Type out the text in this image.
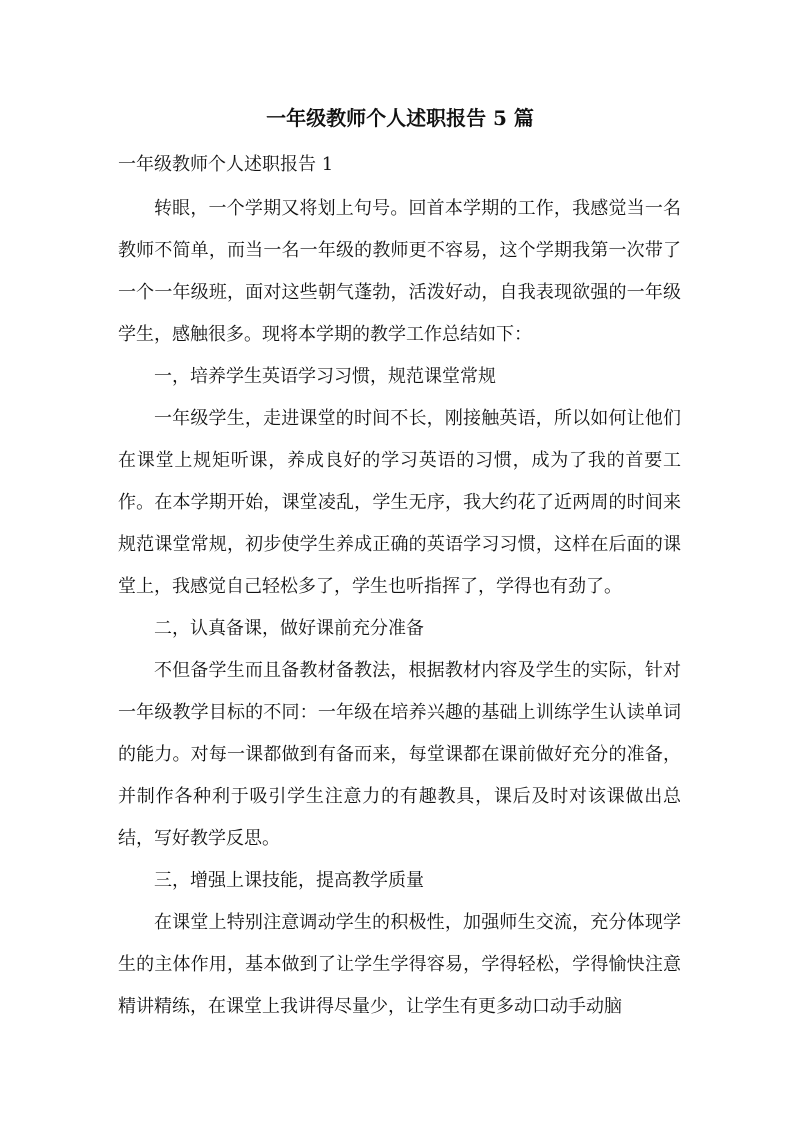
一年级教师个人述职报告 5 篇
一年级教师个人述职报告 1

转眼，一个学期又将划上句号。回首本学期的工作，我感觉当一名教师不简单，而当一名一年级的教师更不容易，这个学期我第一次带了一个一年级班，面对这些朝气蓬勃，活泼好动，自我表现欲强的一年级学生，感触很多。现将本学期的教学工作总结如下：

一，培养学生英语学习习惯，规范课堂常规

一年级学生，走进课堂的时间不长，刚接触英语，所以如何让他们在课堂上规矩听课，养成良好的学习英语的习惯，成为了我的首要工作。在本学期开始，课堂凌乱，学生无序，我大约花了近两周的时间来规范课堂常规，初步使学生养成正确的英语学习习惯，这样在后面的课堂上，我感觉自己轻松多了，学生也听指挥了，学得也有劲了。

二，认真备课，做好课前充分准备

不但备学生而且备教材备教法，根据教材内容及学生的实际，针对一年级教学目标的不同：一年级在培养兴趣的基础上训练学生认读单词的能力。对每一课都做到有备而来，每堂课都在课前做好充分的准备，并制作各种利于吸引学生注意力的有趣教具，课后及时对该课做出总结，写好教学反思。

三，增强上课技能，提高教学质量

在课堂上特别注意调动学生的积极性，加强师生交流，充分体现学生的主体作用，基本做到了让学生学得容易，学得轻松，学得愉快注意精讲精练，在课堂上我讲得尽量少，让学生有更多动口动手动脑
